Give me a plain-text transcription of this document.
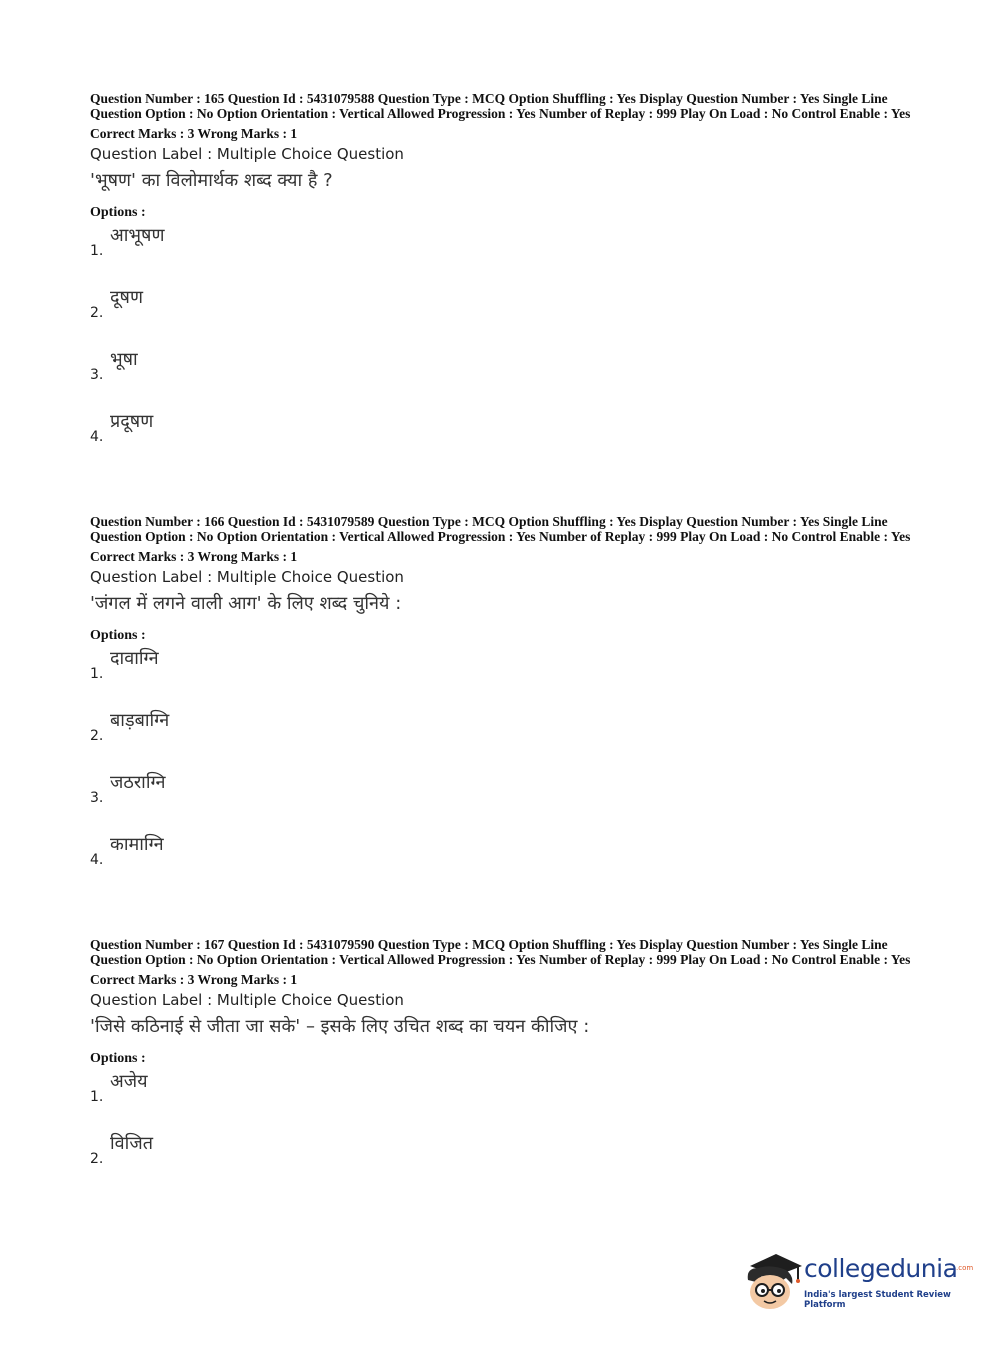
Question Number : 165 Question Id : 5431079588 Question Type : MCQ Option Shuffling : Yes Display Question Number : Yes Single Line Question Option : No Option Orientation : Vertical Allowed Progression : Yes Number of Replay : 999 Play On Load : No Control Enable : Yes

Correct Marks : 3 Wrong Marks : 1
Question Label : Multiple Choice Question
'भूषण' का विलोमार्थक शब्द क्या है ?
Options :
1.
आभूषण
2.
दूषण
3.
भूषा
4.
प्रदूषण

Question Number : 166 Question Id : 5431079589 Question Type : MCQ Option Shuffling : Yes Display Question Number : Yes Single Line Question Option : No Option Orientation : Vertical Allowed Progression : Yes Number of Replay : 999 Play On Load : No Control Enable : Yes

Correct Marks : 3 Wrong Marks : 1
Question Label : Multiple Choice Question
'जंगल में लगने वाली आग' के लिए शब्द चुनिये :
Options :
1.
दावाग्नि
2.
बाड़बाग्नि
3.
जठराग्नि
4.
कामाग्नि

Question Number : 167 Question Id : 5431079590 Question Type : MCQ Option Shuffling : Yes Display Question Number : Yes Single Line Question Option : No Option Orientation : Vertical Allowed Progression : Yes Number of Replay : 999 Play On Load : No Control Enable : Yes

Correct Marks : 3 Wrong Marks : 1
Question Label : Multiple Choice Question
'जिसे कठिनाई से जीता जा सके' – इसके लिए उचित शब्द का चयन कीजिए :
Options :
1.
अजेय
2.
विजित
collegedunia
.com
India's largest Student Review Platform
